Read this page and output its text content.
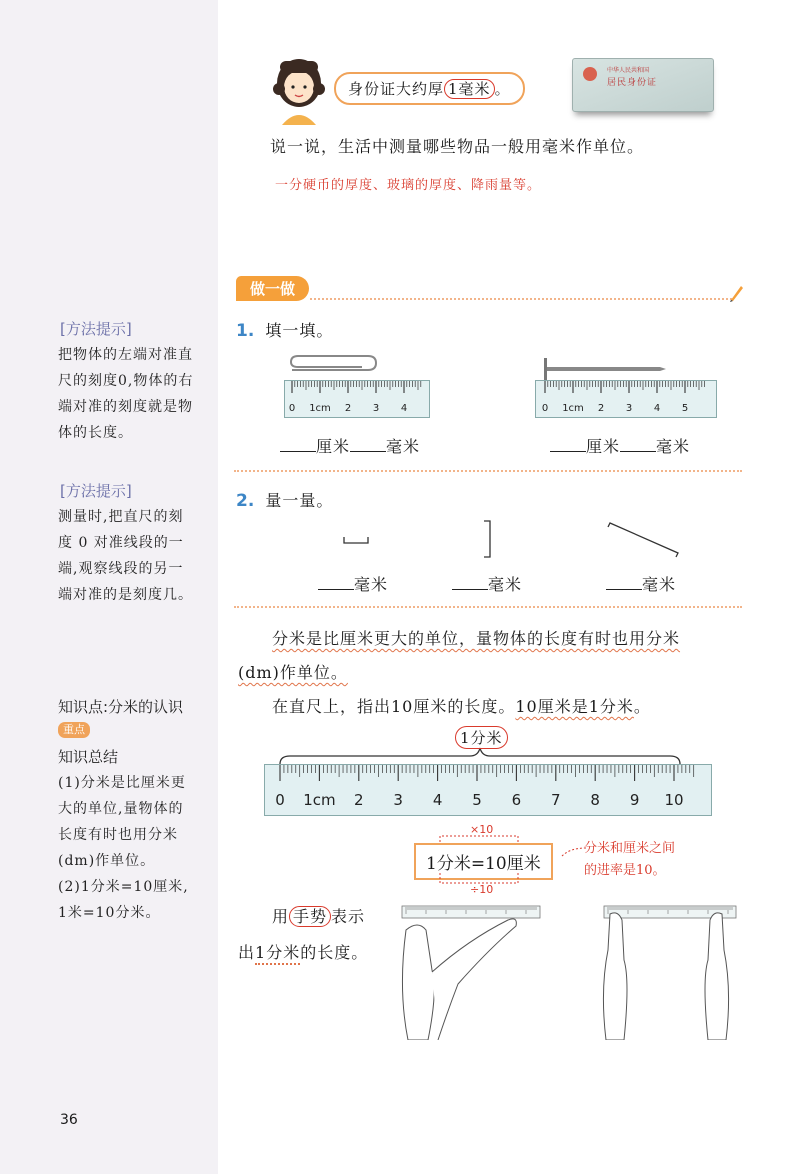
[方法提示]
把物体的左端对准直
尺的刻度0,物体的右
端对准的刻度就是物
体的长度。
[方法提示]
测量时,把直尺的刻
度 0 对准线段的一
端,观察线段的另一
端对准的是刻度几。
知识点:分米的认识
重点
知识总结
(1)分米是比厘米更
大的单位,量物体的
长度有时也用分米
(dm)作单位。
(2)1分米=10厘米,
1米=10分米。
36
身份证大约厚 1毫米 。
中华人民共和国
居民身份证
说一说，生活中测量哪些物品一般用毫米作单位。
一分硬币的厚度、玻璃的厚度、降雨量等。
做一做
1. 填一填。
0 1cm 2 3 4	0 1cm 2 3 4 5
厘米 毫米	厘米 毫米
2. 量一量。
毫米	毫米	毫米
分米是比厘米更大的单位，量物体的长度有时也用分米
(dm)作单位。
在直尺上，指出10厘米的长度。10厘米是1分米。
1分米
0 1cm 2 3 4 5 6 7 8 9 10
×10
1分米=10厘米
÷10
分米和厘米之间
的进率是10。
用 手势 表示
出1分米的长度。
